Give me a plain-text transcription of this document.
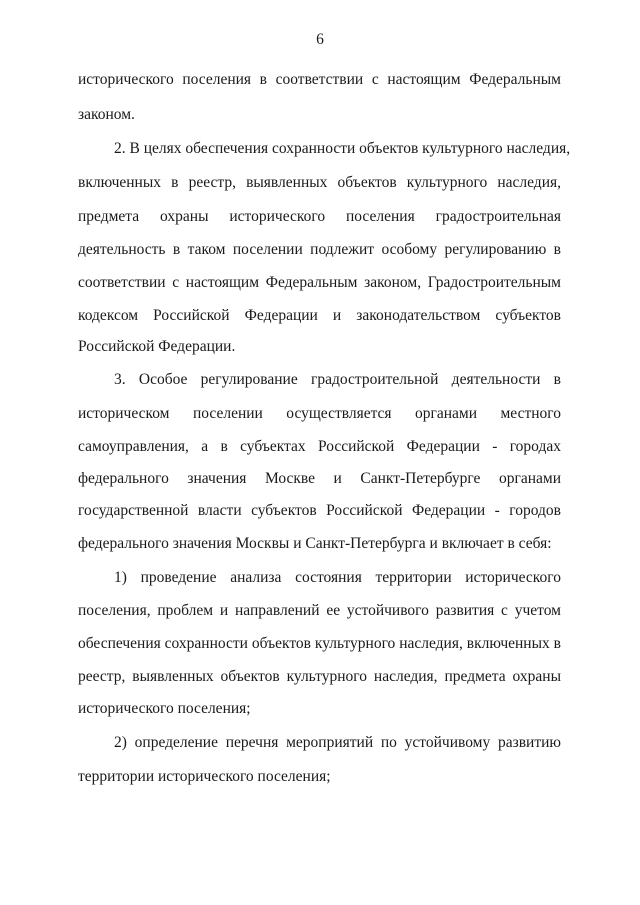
6
исторического поселения в соответствии с настоящим Федеральным
законом.
2. В целях обеспечения сохранности объектов культурного наследия,
включенных в реестр, выявленных объектов культурного наследия,
предмета охраны исторического поселения градостроительная
деятельность в таком поселении подлежит особому регулированию в
соответствии с настоящим Федеральным законом, Градостроительным
кодексом Российской Федерации и законодательством субъектов
Российской Федерации.
3. Особое регулирование градостроительной деятельности в
историческом поселении осуществляется органами местного
самоуправления, а в субъектах Российской Федерации - городах
федерального значения Москве и Санкт-Петербурге органами
государственной власти субъектов Российской Федерации - городов
федерального значения Москвы и Санкт-Петербурга и включает в себя:
1) проведение анализа состояния территории исторического
поселения, проблем и направлений ее устойчивого развития с учетом
обеспечения сохранности объектов культурного наследия, включенных в
реестр, выявленных объектов культурного наследия, предмета охраны
исторического поселения;
2) определение перечня мероприятий по устойчивому развитию
территории исторического поселения;
